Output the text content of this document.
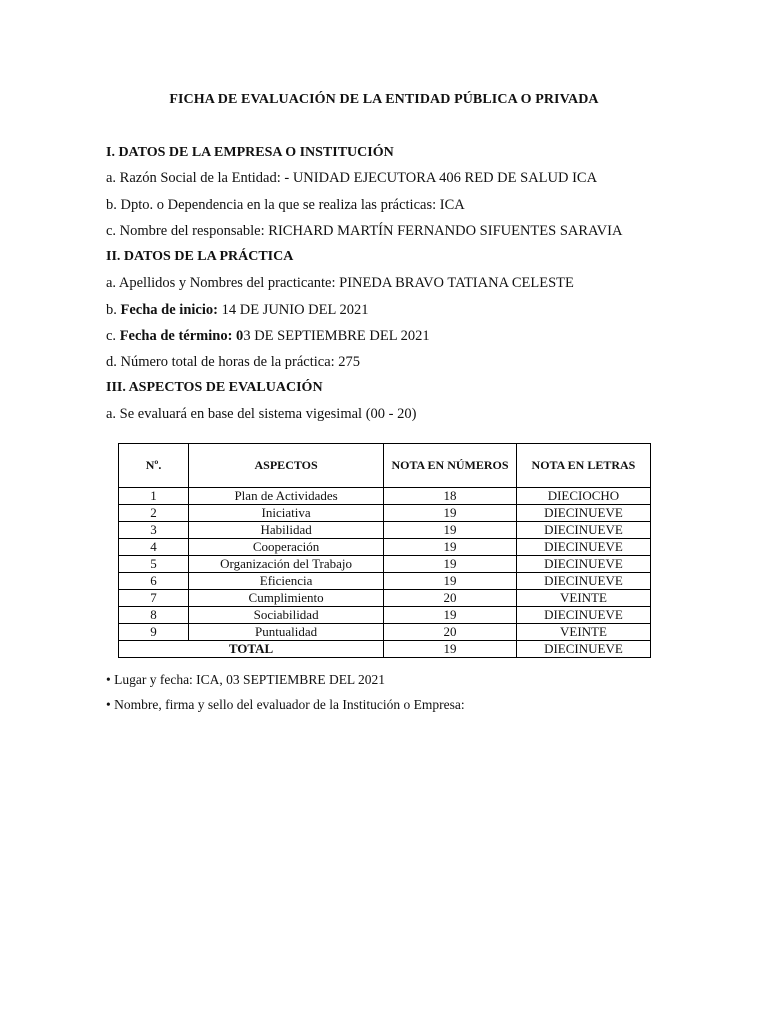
FICHA DE EVALUACIÓN DE LA ENTIDAD PÚBLICA O PRIVADA
I. DATOS DE LA EMPRESA O INSTITUCIÓN
a. Razón Social de la Entidad: - UNIDAD EJECUTORA 406 RED DE SALUD ICA
b. Dpto. o Dependencia en la que se realiza las prácticas: ICA
c. Nombre del responsable: RICHARD MARTÍN FERNANDO SIFUENTES SARAVIA
II. DATOS DE LA PRÁCTICA
a. Apellidos y Nombres del practicante: PINEDA BRAVO TATIANA CELESTE
b. Fecha de inicio: 14 DE JUNIO DEL 2021
c. Fecha de término: 03 DE SEPTIEMBRE DEL 2021
d. Número total de horas de la práctica: 275
III. ASPECTOS DE EVALUACIÓN
a. Se evaluará en base del sistema vigesimal (00 - 20)
Nº.	ASPECTOS	NOTA EN NÚMEROS	NOTA EN LETRAS
1	Plan de Actividades	18	DIECIOCHO
2	Iniciativa	19	DIECINUEVE
3	Habilidad	19	DIECINUEVE
4	Cooperación	19	DIECINUEVE
5	Organización del Trabajo	19	DIECINUEVE
6	Eficiencia	19	DIECINUEVE
7	Cumplimiento	20	VEINTE
8	Sociabilidad	19	DIECINUEVE
9	Puntualidad	20	VEINTE
TOTAL		19	DIECINUEVE
• Lugar y fecha: ICA, 03 SEPTIEMBRE DEL 2021
• Nombre, firma y sello del evaluador de la Institución o Empresa:
